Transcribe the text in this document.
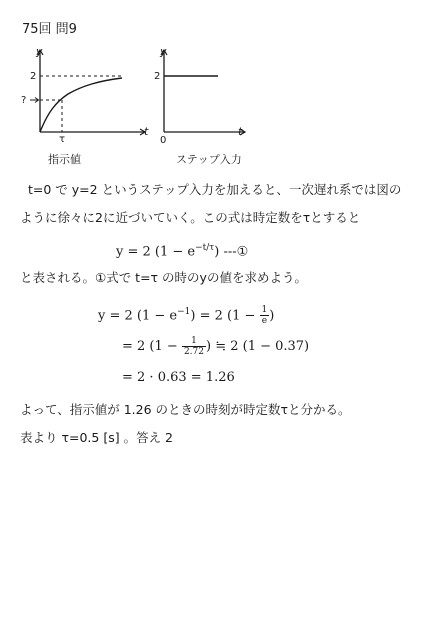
75回 問9
y
2
?
τ
t
指示値
y
2
0
t
ステップ入力
t=0 で y=2 というステップ入力を加えると、一次遅れ系では図の
ように徐々に2に近づいていく。この式は時定数をτとすると
y = 2 $(1 - e^{-t/\tau})$ ---①
と表される。①式で t=τ の時のyの値を求めよう。
y = 2 $(1 - e^{-1}) = 2$ ($1 - \frac{1}{e}$ )
= 2 ($1 - \frac{1}{2.72}$ ) ≒ 2 (1 − 0.37)
= 2 · 0.63 = 1.26
よって、指示値が 1.26 のときの時刻が時定数τと分かる。
表より τ=0.5 [s] 。答え 2
